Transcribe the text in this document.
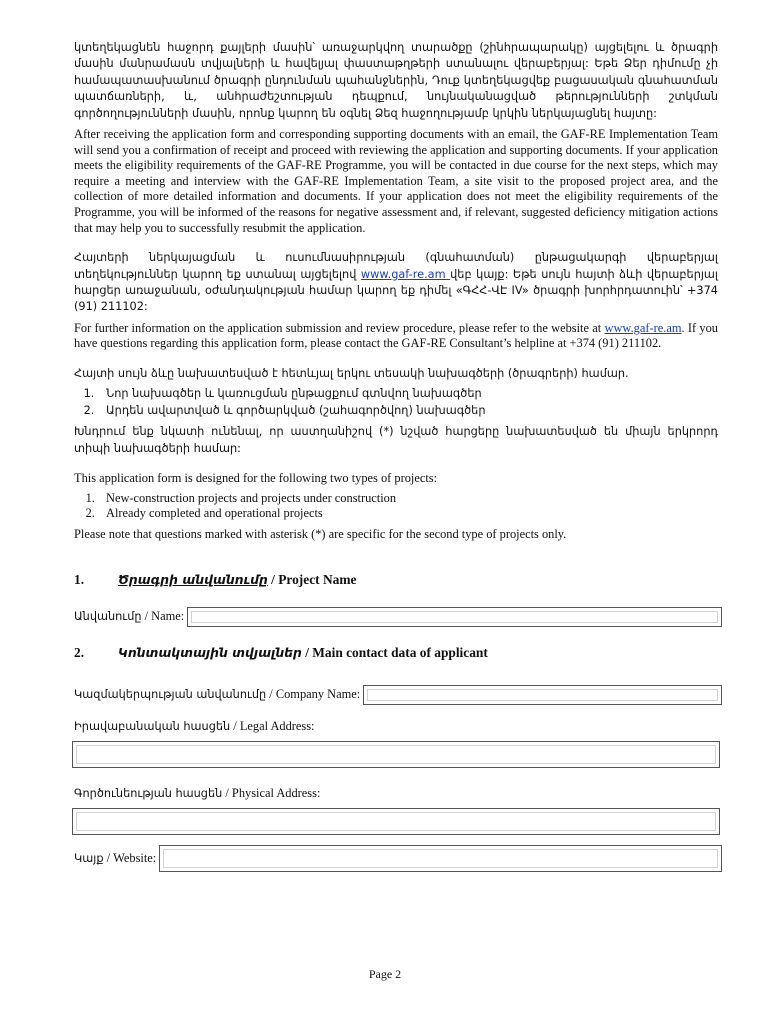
կտեղեկացնեն հաջորդ քայլերի մասին՝ առաջարկվող տարածքը (շինհրապարակը) այցելելու և ծրագրի մասին մանրամասն տվյալների և հավելյալ փաստաթղթերի ստանալու վերաբերյալ: Եթե Ձեր դիմումը չի համապատասխանում ծրագրի ընդունման պահանջներին, Դուք կտեղեկացվեք բացասական գնահատման պատճառների, և, անհրաժեշտության դեպքում, նույնականացված թերությունների շտկման գործողությունների մասին, որոնք կարող են օգնել Ձեզ հաջողությամբ կրկին ներկայացնել հայտը:

After receiving the application form and corresponding supporting documents with an email, the GAF-RE Implementation Team will send you a confirmation of receipt and proceed with reviewing the application and supporting documents. If your application meets the eligibility requirements of the GAF-RE Programme, you will be contacted in due course for the next steps, which may require a meeting and interview with the GAF-RE Implementation Team, a site visit to the proposed project area, and the collection of more detailed information and documents. If your application does not meet the eligibility requirements of the Programme, you will be informed of the reasons for negative assessment and, if relevant, suggested deficiency mitigation actions that may help you to successfully resubmit the application.

Հայտերի ներկայացման և ուսումնասիրության (գնահատման) ընթացակարգի վերաբերյալ տեղեկություններ կարող եք ստանալ այցելելով www.gaf-re.am վեբ կայք: Եթե սույն հայտի ձևի վերաբերյալ հարցեր առաջանան, օժանդակության համար կարող եք դիմել «ԳՀՀ-ՎԷ IV» ծրագրի խորհրդատուին՝ +374 (91) 211102:

For further information on the application submission and review procedure, please refer to the website at www.gaf-re.am. If you have questions regarding this application form, please contact the GAF-RE Consultant’s helpline at +374 (91) 211102.

Հայտի սույն ձևը նախատեսված է հետևյալ երկու տեսակի նախագծերի (ծրագրերի) համար.

1. Նոր նախագծեր և կառուցման ընթացքում գտնվող նախագծեր
2. Արդեն ավարտված և գործարկված (շահագործվող) նախագծեր

Խնդրում ենք նկատի ունենալ, որ աստղանիշով (*) նշված հարցերը նախատեսված են միայն երկրորդ տիպի նախագծերի համար:

This application form is designed for the following two types of projects:

1. New-construction projects and projects under construction
2. Already completed and operational projects

Please note that questions marked with asterisk (*) are specific for the second type of projects only.

1.	Ծրագրի անվանումը / Project Name
Անվանումը / Name:
2.	Կոնտակտային տվյալներ / Main contact data of applicant
Կազմակերպության անվանումը / Company Name:
Իրավաբանական հասցեն / Legal Address:
Գործունեության հասցեն / Physical Address:
Կայք / Website:
Page 2
